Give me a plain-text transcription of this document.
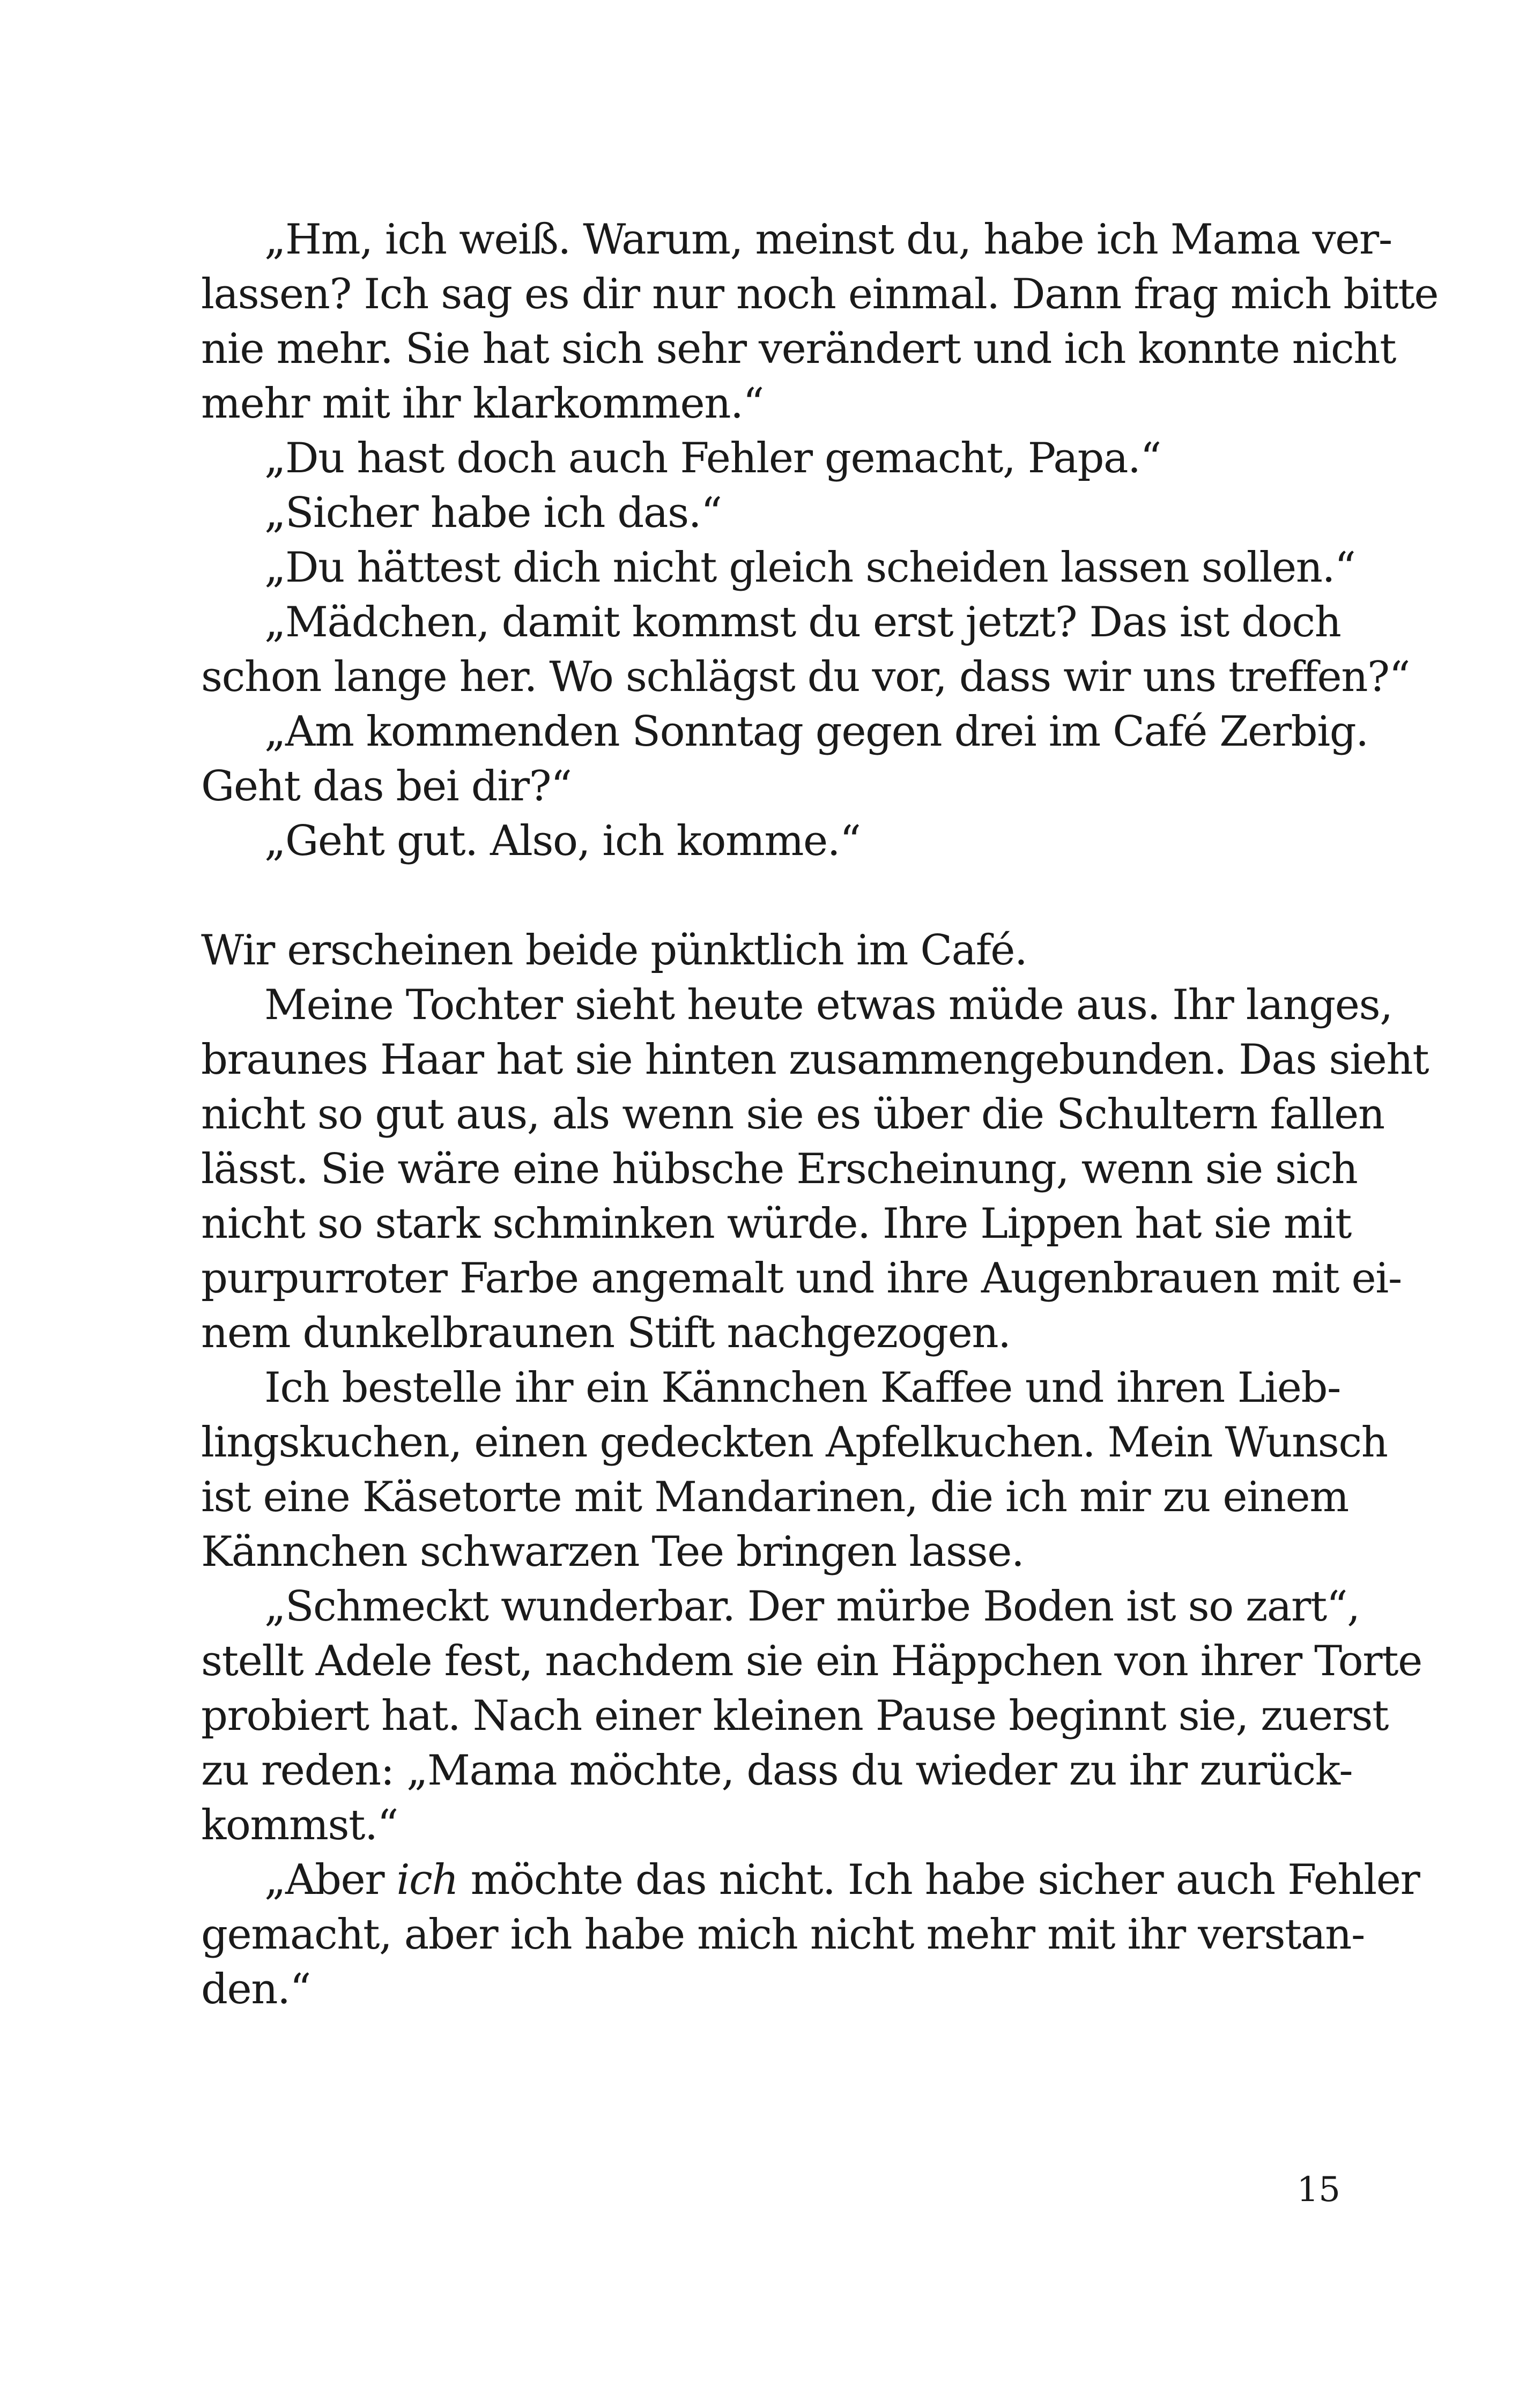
„Hm, ich weiß. Warum, meinst du, habe ich Mama ver-
lassen? Ich sag es dir nur noch einmal. Dann frag mich bitte
nie mehr. Sie hat sich sehr verändert und ich konnte nicht
mehr mit ihr klarkommen.“
„Du hast doch auch Fehler gemacht, Papa.“
„Sicher habe ich das.“
„Du hättest dich nicht gleich scheiden lassen sollen.“
„Mädchen, damit kommst du erst jetzt? Das ist doch
schon lange her. Wo schlägst du vor, dass wir uns treffen?“
„Am kommenden Sonntag gegen drei im Café Zerbig.
Geht das bei dir?“
„Geht gut. Also, ich komme.“
Wir erscheinen beide pünktlich im Café.
Meine Tochter sieht heute etwas müde aus. Ihr langes,
braunes Haar hat sie hinten zusammengebunden. Das sieht
nicht so gut aus, als wenn sie es über die Schultern fallen
lässt. Sie wäre eine hübsche Erscheinung, wenn sie sich
nicht so stark schminken würde. Ihre Lippen hat sie mit
purpurroter Farbe angemalt und ihre Augenbrauen mit ei-
nem dunkelbraunen Stift nachgezogen.
Ich bestelle ihr ein Kännchen Kaffee und ihren Lieb-
lingskuchen, einen gedeckten Apfelkuchen. Mein Wunsch
ist eine Käsetorte mit Mandarinen, die ich mir zu einem
Kännchen schwarzen Tee bringen lasse.
„Schmeckt wunderbar. Der mürbe Boden ist so zart“,
stellt Adele fest, nachdem sie ein Häppchen von ihrer Torte
probiert hat. Nach einer kleinen Pause beginnt sie, zuerst
zu reden: „Mama möchte, dass du wieder zu ihr zurück-
kommst.“
„Aber ich möchte das nicht. Ich habe sicher auch Fehler
gemacht, aber ich habe mich nicht mehr mit ihr verstan-
den.“
15
